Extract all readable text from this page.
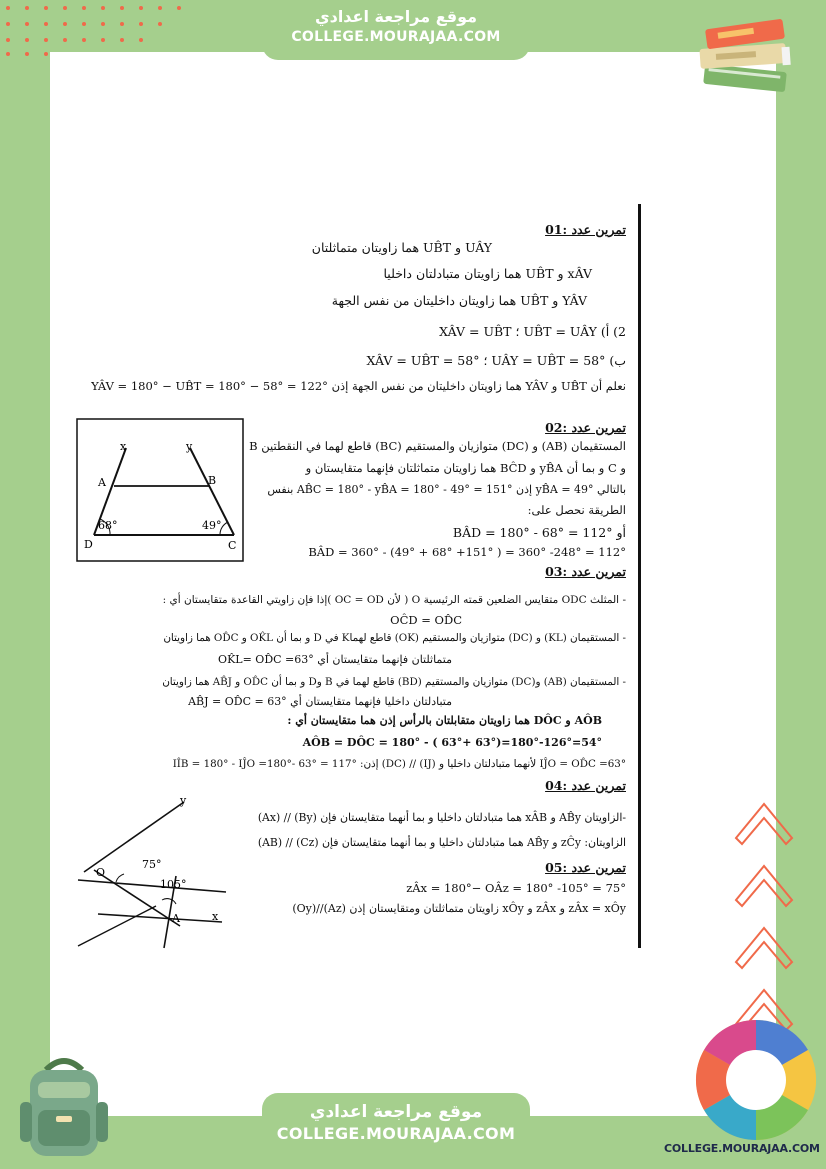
موقع مراجعة اعدادي
COLLEGE.MOURAJAA.COM
تمرين عدد :01
UÂY و UB̂T هما زاويتان متماثلتان
xÂV و UB̂T هما زاويتان متبادلتان داخليا
YÂV و UB̂T هما زاويتان داخليتان من نفس الجهة
2) أ) UB̂T = UÂY ؛ XÂV = UB̂T
ب) UÂY = UB̂T = 58° ؛ XÂV = UB̂T = 58°
نعلم أن UB̂T و YÂV هما زاويتان داخليتان من نفس الجهة إذن YÂV = 180° − UB̂T = 180° − 58° = 122°
x	y
A	B
68°	49°
D	C
تمرين عدد :02
المستقيمان (AB) و (DC) متوازيان والمستقيم (BC) قاطع لهما في النقطتين B
و C و بما أن yB̂A و BĈD هما زاويتان متماثلتان فإنهما متقايستان و
بالتالي yB̂A = 49° إذن AB̂C = 180° - yB̂A = 180° - 49° = 151° بنفس
الطريقة نحصل على:
أو BÂD = 180° - 68° = 112°
BÂD = 360° - (49° + 68° +151° ) = 360° -248° = 112°
تمرين عدد :03
- المثلث ODC متقايس الضلعين قمته الرئيسية O ( لأن OC = OD )إذا فإن زاويتي القاعدة متقايستان أي :
OĈD = OD̂C
- المستقيمان (KL) و (DC) متوازيان والمستقيم (OK) قاطع لهماK في D و بما أن OK̂L و OD̂C هما زاويتان
متماثلتان فإنهما متقايستان أي OK̂L= OD̂C =63°
- المستقيمان (AB) و(DC) متوازيان والمستقيم (BD) قاطع لهما في B وD و بما أن OD̂C و AB̂J هما زاويتان
متبادلتان داخليا فإنهما متقايستان أي AB̂J = OD̂C = 63°
AÔB و DÔC هما زاويتان متقابلتان بالرأس إذن هما متقايستان أي :
AÔB = DÔC = 180° - ( 63°+ 63°)=180°-126°=54°
IĴO = OD̂C =63° لأنهما متبادلتان داخليا و (IJ) // (DC) إذن: IÎB = 180° - IĴO =180°- 63° = 117°
تمرين عدد :04
-الزاويتان AB̂y و xÂB هما متبادلتان داخليا و بما أنهما متقايستان فإن (By) // (Ax)
الزاويتان: zĈy و AB̂y هما متبادلتان داخليا و بما أنهما متقايستان فإن (Cz) // (AB)
y
O
75°
105°
A	x
تمرين عدد :05
zÂx = 180°− OÂz = 180° -105° = 75°
zÂx = xÔy و zÂx و xÔy زاويتان متماثلتان ومتقايستان إذن (Az)//(Oy)
موقع مراجعة اعدادي
COLLEGE.MOURAJAA.COM
COLLEGE.MOURAJAA.COM
